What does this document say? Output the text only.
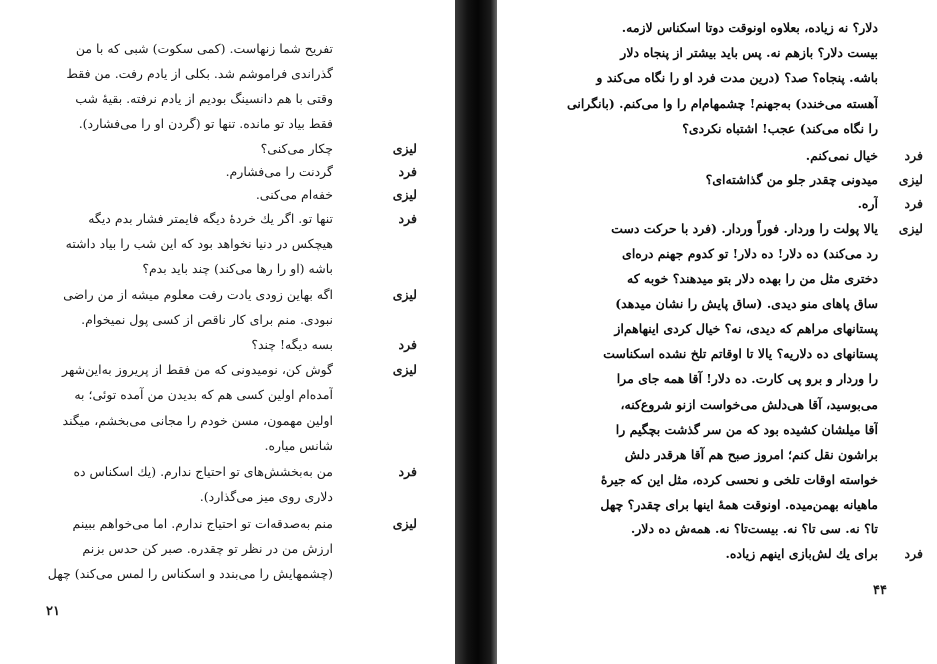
تفریح شما زنهاست. (کمی سکوت) شبی که با من
گذراندی فراموشم شد. بکلی از یادم رفت. من فقط
وقتی با هم دانسینگ بودیم از یادم نرفته. بقیهٔ شب
فقط بیاد تو مانده. تنها تو (گردن او را می‌فشارد).
چکار می‌کنی؟
گردنت را می‌فشارم.
خفه‌ام می‌کنی.
تنها تو. اگر یك خردهٔ دیگه فایمتر فشار بدم دیگه
هیچکس در دنیا نخواهد بود که این شب را بیاد داشته
باشه (او را رها می‌کند) چند باید بدم؟
اگه بهاین زودی یادت رفت معلوم میشه از من راضی
نبودی. منم برای کار ناقص از کسی پول نمیخوام.
بسه دیگه! چند؟
گوش کن، نومیدونی که من فقط از پریروز به‌این‌شهر
آمده‌ام اولین کسی هم که بدیدن من آمده توئی؛ به
اولین مهمون، مسن خودم را مجانی می‌بخشم، میگند
شانس میاره.
من به‌بخشش‌های تو احتیاج ندارم. (یك اسکناس ده
دلاری روی میز می‌گذارد).
منم به‌صدقه‌ات تو احتیاج ندارم. اما می‌خواهم ببینم
ارزش من در نظر تو چقدره. صبر کن حدس بزنم
(چشمهایش را می‌بندد و اسکناس را لمس می‌کند) چهل
لیزی
فرد
لیزی
فرد
لیزی
فرد
لیزی
فرد
لیزی
۲۱
دلار؟ نه زیاده، بعلاوه اونوقت دوتا اسکناس لازمه.
بیست دلار؟ بازهم نه. پس باید بیشتر از پنجاه دلار
باشه. پنجاه؟ صد؟ (درین مدت فرد او را نگاه می‌کند و
آهسته می‌خندد) به‌جهنم! چشمهام‌ام را وا می‌کنم. (با‌نگرانی
را نگاه می‌کند) عجب! اشتباه نکردی؟
خیال نمی‌کنم.
میدونی چقدر جلو من گذاشته‌ای؟
آره.
یالا پولت را وردار. فوراً وردار. (فرد با حرکت دست
رد می‌کند) ده دلار! ده دلار! تو کدوم جهنم دره‌ای
دختری مثل من را بهده دلار بتو میدهند؟ خوبه که
ساق پاهای منو دیدی. (ساق پایش را نشان میدهد)
پستانهای مراهم که دیدی، نه؟ خیال کردی اینها‌هم‌از
پستانهای ده دلاریه؟ یالا تا اوقاتم تلخ نشده اسکناست
را وردار و برو پی کارت. ده دلار! آقا همه جای مرا
می‌بوسید، آقا هی‌دلش می‌خواست از‌نو شروع‌کنه،
آقا میلشان کشیده بود که من سر گذشت بچگیم را
براشون نقل کنم؛ امروز صبح هم آقا هرقدر دلش
خواسته اوقات تلخی و نحسی کرده، مثل این که جیرهٔ
ماهیانه بهمن‌میده. او‌نوقت همهٔ اینها برای چقدر؟ چهل
تا؟ نه. سی تا؟ نه. بیست‌تا؟ نه. همه‌ش ده دلار.
برای یك لش‌بازی اینهم زیاده.
فرد
لیزی
فرد
لیزی
فرد
۴۴
